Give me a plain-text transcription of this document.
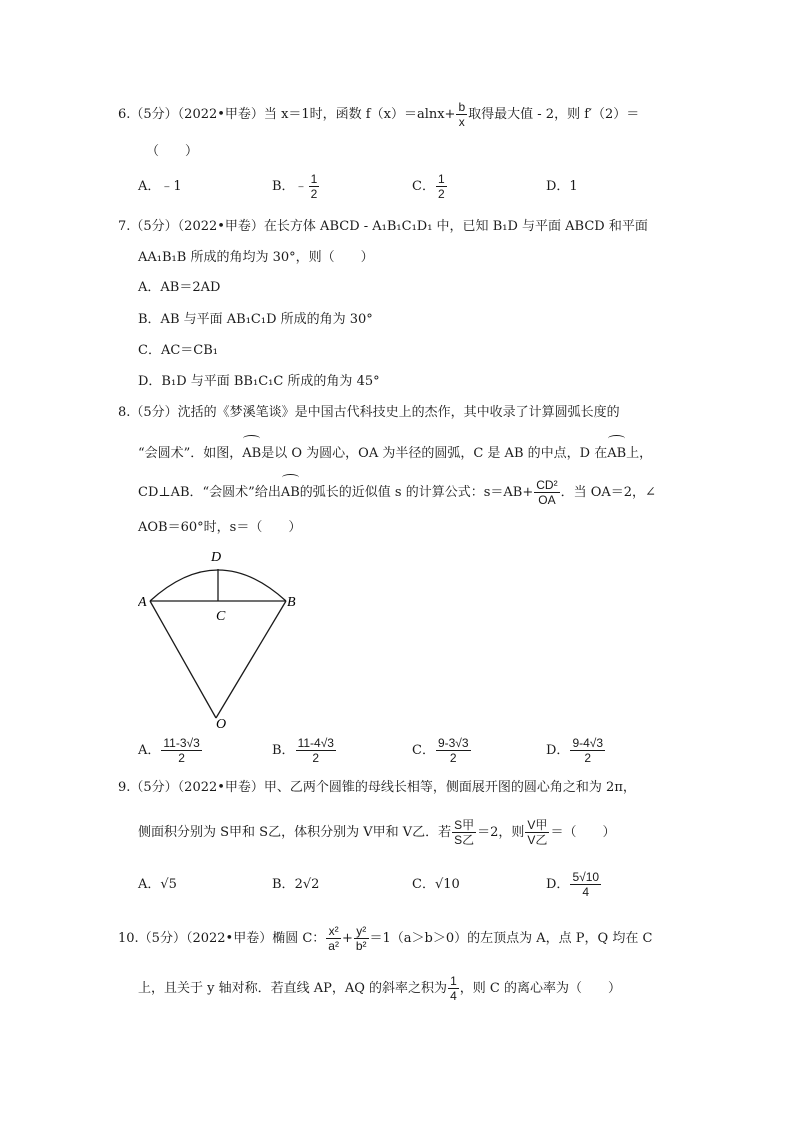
6.（5分）（2022•甲卷）当 x＝1时，函数 $f(x)=alnx+ \frac{b}{x}$ 取得最大值 - 2，则 f′（2）＝
（　　）
A．﹣1	B．﹣ $\frac{1}{2}$	C． $\frac{1}{2}$	D．1
7.（5分）（2022•甲卷）在长方体 ABCD - A₁B₁C₁D₁ 中，已知 B₁D 与平面 ABCD 和平面
AA₁B₁B 所成的角均为 30°，则（　　）
A．AB＝2AD
B．AB 与平面 AB₁C₁D 所成的角为 30°
C．AC＝CB₁
D．B₁D 与平面 BB₁C₁C 所成的角为 45°
8.（5分）沈括的《梦溪笔谈》是中国古代科技史上的杰作，其中收录了计算圆弧长度的
“会圆术”．如图，AB是以 O 为圆心，OA 为半径的圆弧，C 是 AB 的中点，D 在AB上，
CD⊥AB．“会圆术”给出AB的弧长的近似值 s 的计算公式：$s=AB+ \frac{\text{CD²}}{OA}$ ．当 OA＝2，∠
AOB＝60°时，s＝（　　）
D
A
C
B
O
A． $\frac{11-3√3}{2}$	B． $\frac{11-4√3}{2}$	C． $\frac{9-3√3}{2}$	D． $\frac{9-4√3}{2}$
9.（5分）（2022•甲卷）甲、乙两个圆锥的母线长相等，侧面展开图的圆心角之和为 2π，
侧面积分别为 S甲和 S乙，体积分别为 V甲和 V乙．若 $\frac{\text{S甲}}{\text{S乙}} =2$，则 $\frac{\text{V甲}}{\text{V乙}}$ ＝（　　）
A．√5	B．2√2	C．√10	D． $\frac{5√10}{4}$
10.（5分）（2022•甲卷）椭圆 C： $\frac{\text{x²}}{\text{a²}} + \frac{\text{y²}}{\text{b²}} =1(a>b>0)$的左顶点为 A，点 P，Q 均在 C
上，且关于 y 轴对称．若直线 AP，AQ 的斜率之积为 $\frac{1}{4}$ ，则 C 的离心率为（　　）
